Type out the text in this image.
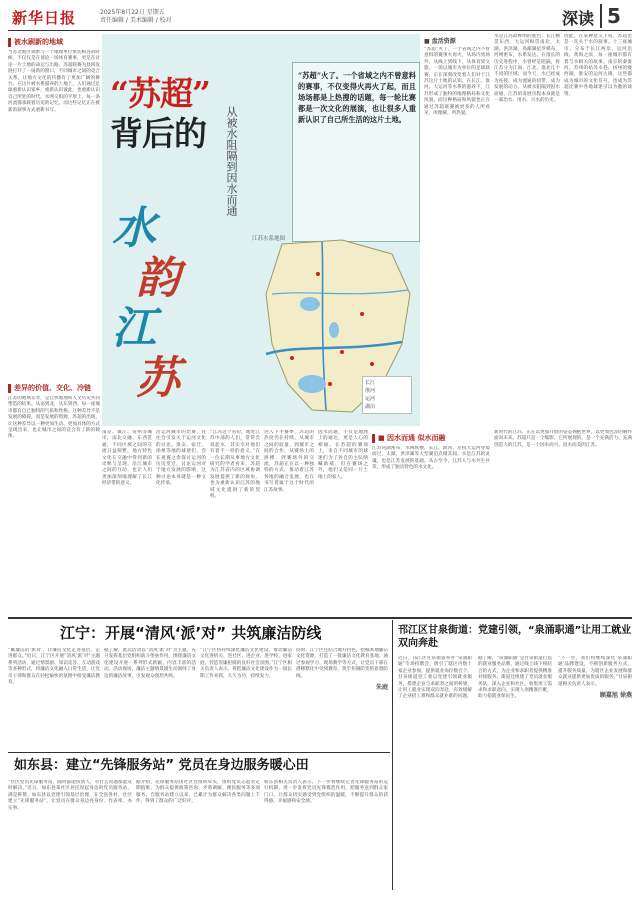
新华日报	2025年8月22日 星期五
责任编辑 / 美术编辑 / 校对	深读 5
被水刷新的地域
当苏北地区频繁与一个地理单位密切相连的时候，不仅仅是在谈论一场体育赛事，更是在讨论一片土地的命运与出路。苏超联赛为县域发展打开了一扇新的窗口，不同城市之间的竞合关系，让地方文化的传播有了更加广阔的舞台。在这片被水系滋养的土地上，人们通过足球重新认识家乡，重新认识彼此，也重新认识自己所处的时代。水网交织的平原上，每一条河流都承载着历史的记忆，而这些记忆正在被新的叙事方式重新书写。
差异的价值、交化、冷链
江苏的地域差异，是自然地理和人文历史共同塑造的结果。从南到北，从东到西，每一座城市都有自己独特的气质和性格。这种差异不是发展的障碍，而是发展的资源。苏超的出现，让这种差异以一种更加生动、更加具体的方式呈现出来，也让城市之间的竞合有了新的载体。
“苏超”
背后的	从被水阻隔到因水而通
“苏超”火了。一个省域之内不曾意料的赛事，不仅变得火再火了起，而且场场都是上热搜的话题，每一轮比赛都是一次文化的展演，也让很多人重新认识了自己所生活的这片土地。
水
韵
江
苏
江苏水系地图
长江
淮河
运河
湖泊
■ 盘活资源
“苏超”火了，一个省域之内不曾意料的赛事火再火，从场内到场外，从线上到线下，从体育到文旅，一场以城市为单位的足球联赛，正在深刻改变着人们对于江苏这片土地的认知。在长江、淮河、大运河等水系的滋养下，江苏形成了独特的地理格局和文化风貌，而这种格局和风貌也正在通过苏超联赛被更多的人所看见、所理解、所热爱。
水是江苏最鲜明的底色。长江横贯东西，大运河纵贯南北，太湖、洪泽湖、高邮湖星罗棋布，河网密布，水系发达。在漫长的历史进程中，水曾经是阻隔，将江苏分为江南、江北、淮北几个不同的区域；而今天，水已经成为连接，成为流通的纽带，成为发展的动力。从被水阻隔到因水而通，江苏的发展历程本身就是一部治水、用水、兴水的历史。
因此，在某种意义上说，苏超也是一次关于水的叙事。十三座城市，分布于长江两岸、运河沿线、黄海之滨，每一座城市都有着与水相关的故事。南京的秦淮河、苏州的姑苏水巷、扬州的瘦西湖、淮安的运河古镇，这些都成为城市的文化符号，也成为苏超比赛中各地球迷引以为傲的谈资。
南京、镇江、常州等城市，南北交融、东西贯通，不同区域之间的交流日益频繁，地方特色文化在交融中得到新的诠释与呈现。沿江城市之间的互动，也让人们更加深刻地理解了长江经济带的意义。
沿运河城市的比赛，往往会引发关于运河文化的讨论。淮安、宿迁、徐州等地的球迷们，会在观赛之余探讨运河的历史变迁，讨论运河对于地方发展的影响，这种讨论本身就是一种文化传承。
“江苏这个省份，地处江苏中部的人们，常常会说起水，其实水对他们有着不一样的意义。”在一位长期从事地方文化研究的学者看来，苏超为江苏省内的区域协调发展提供了新的视角，也为重新认识江苏的地域文化提供了新的契机。
进入下半赛季，苏超的热度仍在持续。从城市之间的较量，到城市之间的合作，从赛场上的拼搏，到赛场外的交流，苏超正在以一种独特的方式，推动着江苏各地的融合发展，也在书写着属于这个时代的江苏故事。
因水而通，不仅是地理上的通达，更是人心的相通。在苏超的赛场上，来自不同城市的球迷们为了各自的主队呐喊助威，但在赛场之外，他们又是同一片土地上的家人。
■ 因水而通 似水而融
江苏河湖密布，水网纵横，长江、淮河、京杭大运河穿境而过，太湖、洪泽湖等大型湖泊点缀其间。水是江苏的灵魂，也是江苏发展的基础。从古至今，江苏人与水共生共荣，形成了独具特色的水文化。
新时代的江苏，正在以更加开放的姿态拥抱世界，以更加包容的胸怀面向未来。苏超只是一个缩影，它所展现的，是一个充满活力、充满创造力的江苏，是一个因水而兴、因水而美的江苏。
江宁：开展“清风‘派’对” 共筑廉洁防线
“戴廉洁的‘派对’，让廉洁文化走进基层、走进群众。”近日，江宁区开展“清风‘派’对”主题系列活动，通过情景剧、知识竞答、互动游戏等多种形式，将廉洁文化融入日常生活，让党员干部和群众在轻松愉快的氛围中接受廉洁教育。
据了解，此次活动以“清风‘派’对”为主题，充分发挥基层党组织战斗堡垒作用，围绕廉洁文化建设开展一系列形式新颖、内容丰富的活动。活动现场，廉洁主题情景剧生动演绎了身边的廉洁故事，引发观众强烈共鸣。
“江宁区将持续深化廉洁文化建设，推动廉洁文化进机关、进社区、进企业、进学校、进家庭，营造崇廉拒腐的良好社会氛围。”江宁区相关负责人表示，将把廉洁文化建设作为一项长期工作来抓，久久为功，持续发力。
同时，江宁区还结合地方特色，挖掘本地廉洁文化资源，打造了一批廉洁文化教育基地，通过参观学习、现场教学等方式，让党员干部在潜移默化中受到教育，筑牢拒腐防变的思想防线。
朱庭
如东县：建立“先锋服务站” 党员在身边服务暖心田
“社区党员先锋服务站，随时都能找到人，有什么问题都能及时解决。”近日，如东县某社区居民说起身边的党员服务站，满是称赞。如东县以党建引领基层治理，在全县各村、社区建立“先锋服务站”，让党员在群众身边亮身份、作表率、办实事。
据介绍，先锋服务站由社区党组织牵头，组织党员志愿者定期值班，为群众提供政策咨询、矛盾调解、便民服务等多项服务。自服务站建立以来，已累计为群众解决各类问题上千件，得到了群众的广泛好评。
如东县相关负责人表示，下一步将继续完善先锋服务站的运行机制，进一步发挥党员先锋模范作用，把服务送到群众家门口，让群众切实感受到党组织的温暖，不断提升群众的获得感、幸福感和安全感。
邗江区甘泉街道：党建引领，“泉涌职通”让用工就业双向奔赴
近日，邗江区甘泉街道举办“泉涌职通”专场招聘会，吸引了辖区内数十家企业参加，提供就业岗位数百个。甘泉街道党工委以党建引领就业服务，搭建企业与求职者之间的桥梁，让用工就业实现双向奔赴，有效缓解了企业招工难和群众就业难的问题。
据了解，“泉涌职通”是甘泉街道打造的就业服务品牌，通过线上线下相结合的方式，为企业和求职者提供精准对接服务。街道还组建了党员就业服务队，深入企业和社区，收集用工需求和求职意向，实现人岗精准匹配，助力稳就业保民生。
“下一步，我们将继续深化‘泉涌职通’品牌建设，不断创新服务方式，提升服务质量，为辖区企业发展和群众就业提供更加优质的服务。”甘泉街道相关负责人表示。
顾嘉旭 徐燕
